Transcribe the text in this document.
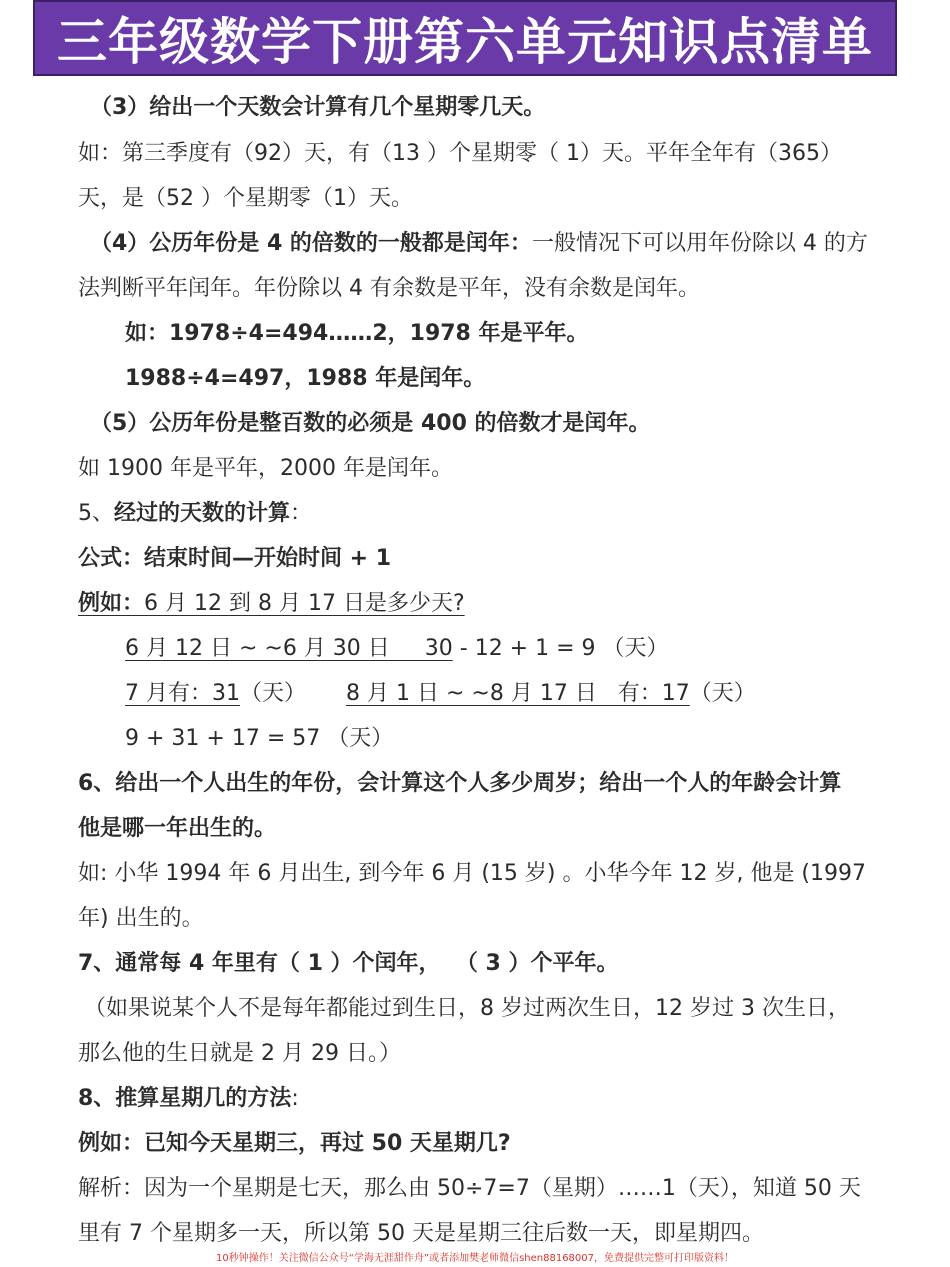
三年级数学下册第六单元知识点清单
（3）给出一个天数会计算有几个星期零几天。
如：第三季度有（92）天，有（13 ）个星期零（ 1）天。平年全年有（365）
天，是（52 ）个星期零（1）天。
（4）公历年份是 4 的倍数的一般都是闰年：一般情况下可以用年份除以 4 的方
法判断平年闰年。年份除以 4 有余数是平年，没有余数是闰年。
如：1978÷4=494……2，1978 年是平年。
1988÷4=497，1988 年是闰年。
（5）公历年份是整百数的必须是 400 的倍数才是闰年。
如 1900 年是平年，2000 年是闰年。
5、经过的天数的计算：
公式：结束时间—开始时间 + 1
例如：6 月 12 到 8 月 17 日是多少天?
6 月 12 日 ~ ~6 月 30 日     30 - 12 + 1 = 9 （天）
7 月有：31（天） 8 月 1 日 ~ ~8 月 17 日   有：17（天）
9 + 31 + 17 = 57 （天）
6、给出一个人出生的年份，会计算这个人多少周岁；给出一个人的年龄会计算
他是哪一年出生的。
如: 小华 1994 年 6 月出生, 到今年 6 月 (15 岁) 。小华今年 12 岁, 他是 (1997
年) 出生的。
7、通常每 4 年里有（ 1 ）个闰年，  （ 3 ）个平年。
（如果说某个人不是每年都能过到生日，8 岁过两次生日，12 岁过 3 次生日，
那么他的生日就是 2 月 29 日。）
8、推算星期几的方法:
例如：已知今天星期三，再过 50 天星期几?
解析：因为一个星期是七天，那么由 50÷7=7（星期）……1（天），知道 50 天
里有 7 个星期多一天，所以第 50 天是星期三往后数一天，即星期四。
10秒钟操作！关注微信公众号“学海无涯甜作舟”或者添加樊老师微信shen88168007，免费提供完整可打印版资料！
